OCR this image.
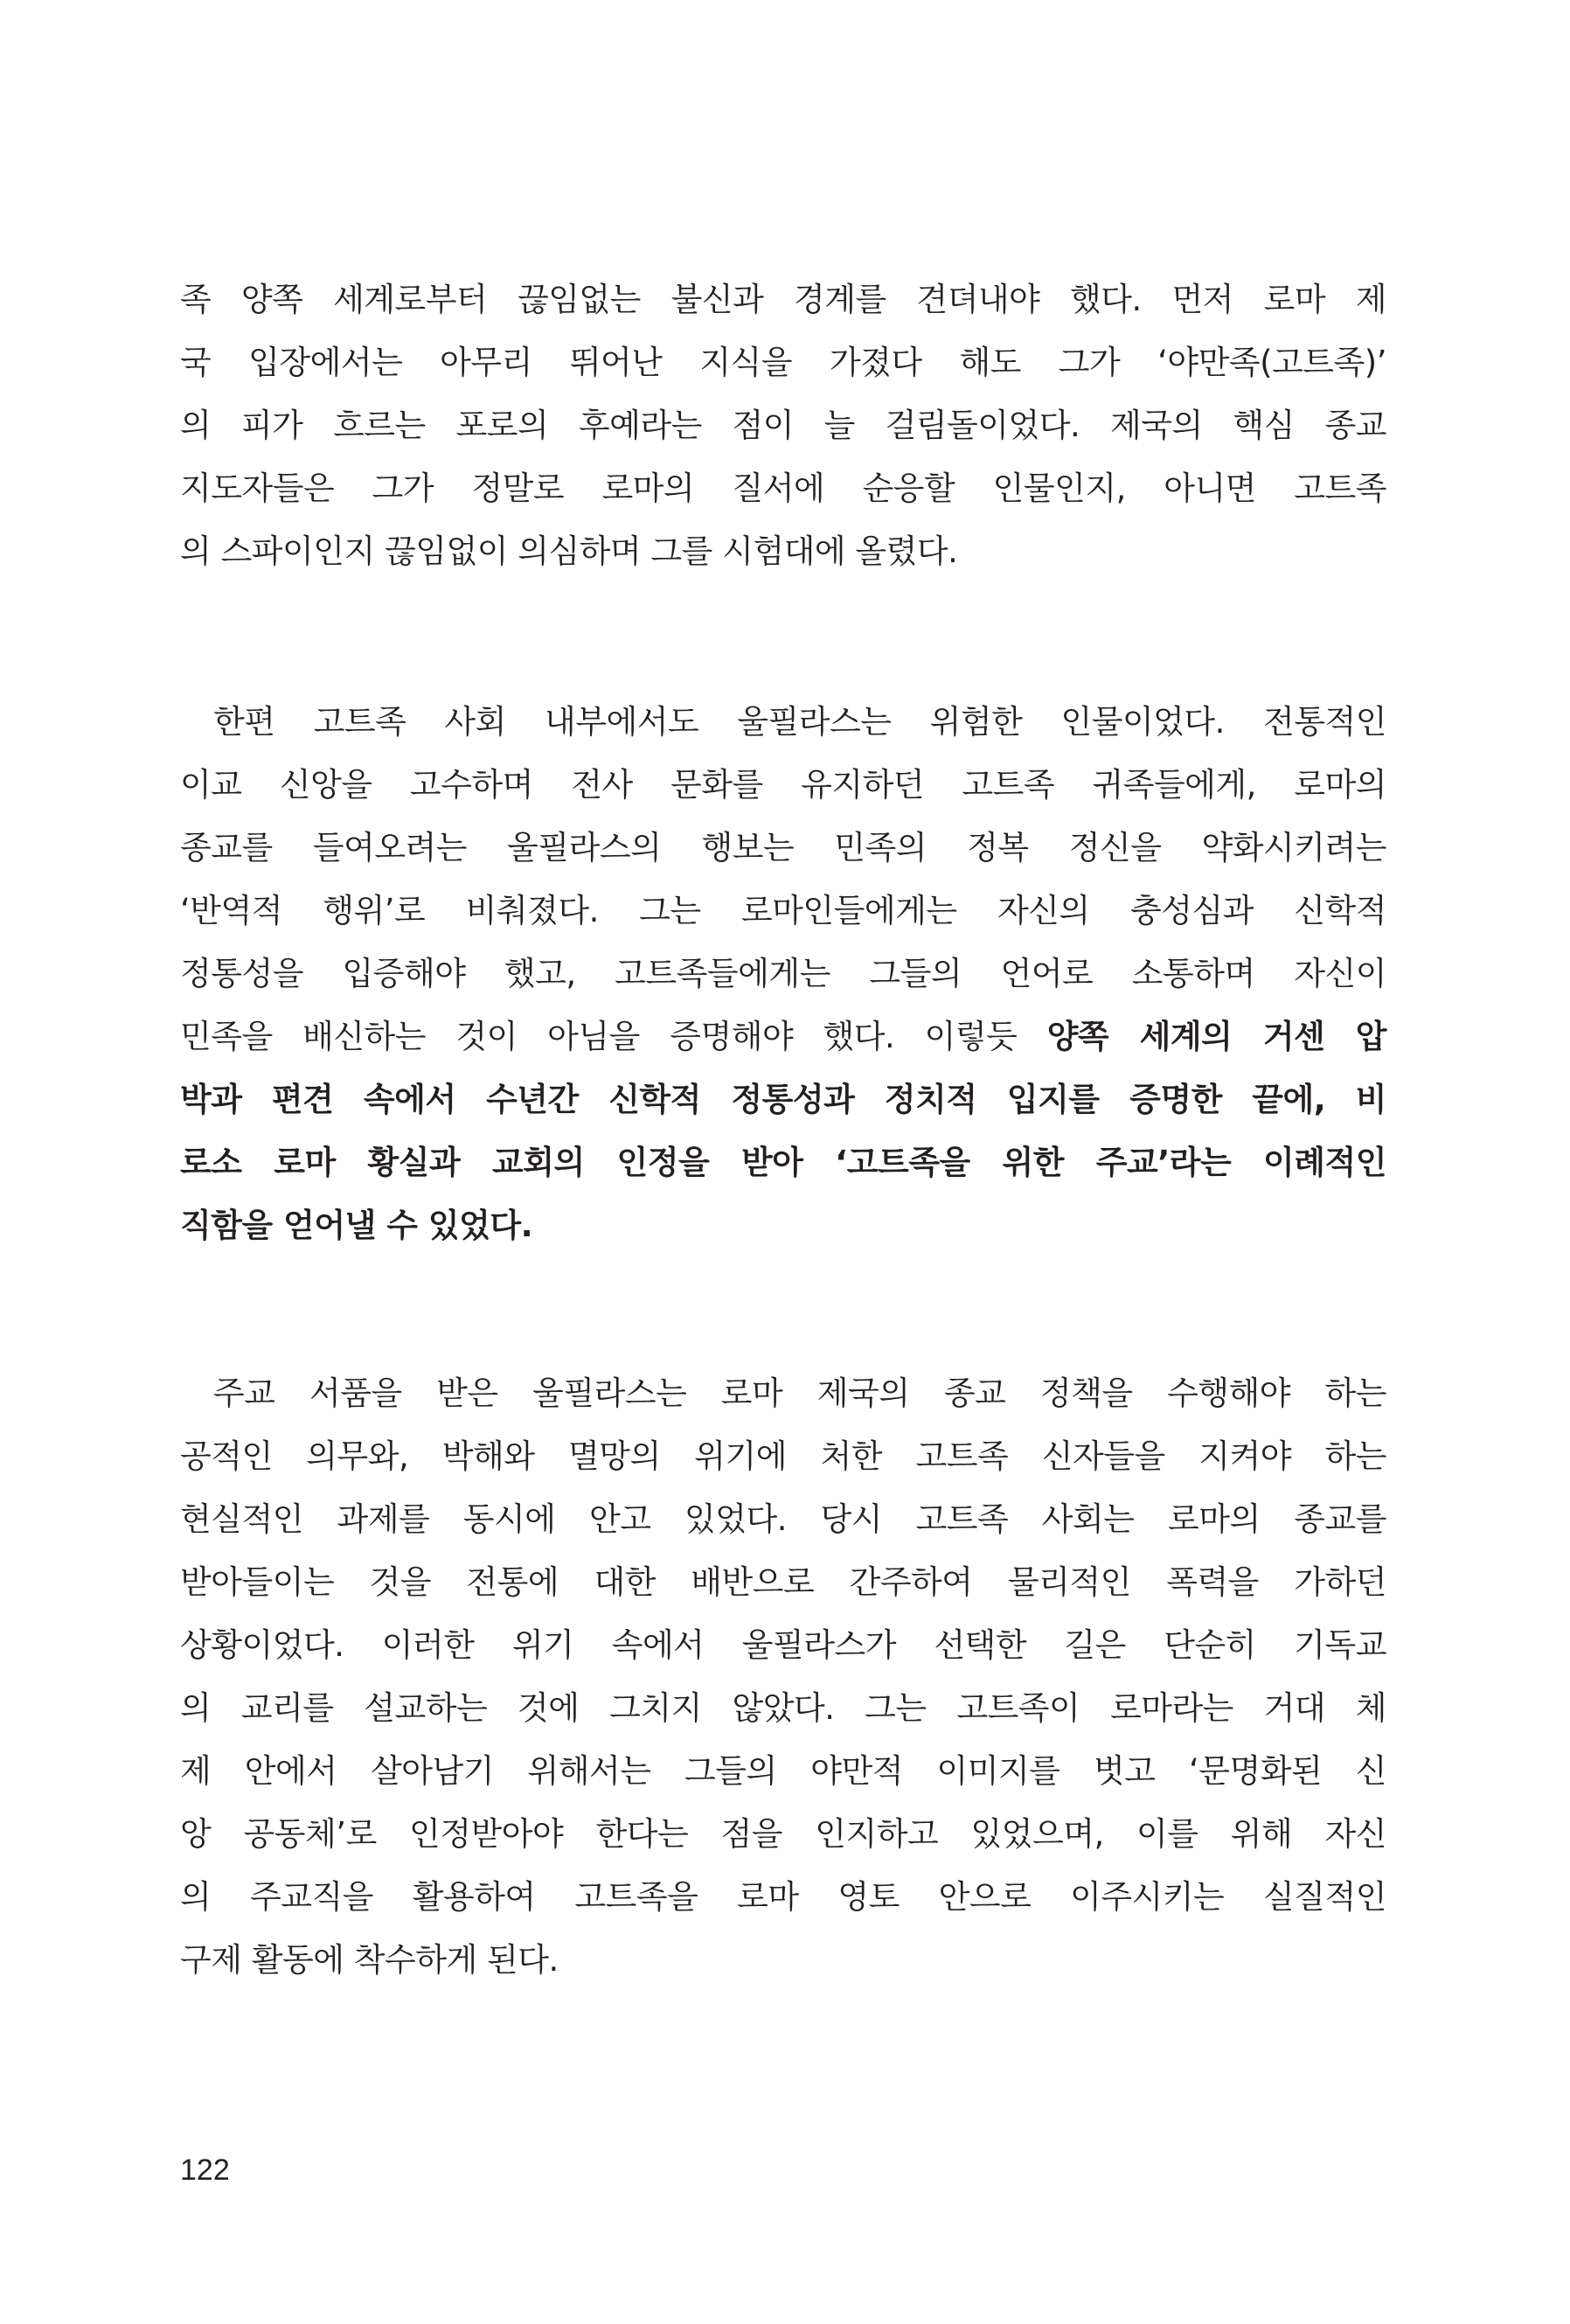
족 양쪽 세계로부터 끊임없는 불신과 경계를 견뎌내야 했다. 먼저 로마 제
국 입장에서는 아무리 뛰어난 지식을 가졌다 해도 그가 ‘야만족(고트족)’
의 피가 흐르는 포로의 후예라는 점이 늘 걸림돌이었다. 제국의 핵심 종교
지도자들은 그가 정말로 로마의 질서에 순응할 인물인지, 아니면 고트족
의 스파이인지 끊임없이 의심하며 그를 시험대에 올렸다.
한편 고트족 사회 내부에서도 울필라스는 위험한 인물이었다. 전통적인
이교 신앙을 고수하며 전사 문화를 유지하던 고트족 귀족들에게, 로마의
종교를 들여오려는 울필라스의 행보는 민족의 정복 정신을 약화시키려는
‘반역적 행위’로 비춰졌다. 그는 로마인들에게는 자신의 충성심과 신학적
정통성을 입증해야 했고, 고트족들에게는 그들의 언어로 소통하며 자신이
민족을 배신하는 것이 아님을 증명해야 했다. 이렇듯 양쪽 세계의 거센 압
박과 편견 속에서 수년간 신학적 정통성과 정치적 입지를 증명한 끝에, 비
로소 로마 황실과 교회의 인정을 받아 ‘고트족을 위한 주교’라는 이례적인
직함을 얻어낼 수 있었다.
주교 서품을 받은 울필라스는 로마 제국의 종교 정책을 수행해야 하는
공적인 의무와, 박해와 멸망의 위기에 처한 고트족 신자들을 지켜야 하는
현실적인 과제를 동시에 안고 있었다. 당시 고트족 사회는 로마의 종교를
받아들이는 것을 전통에 대한 배반으로 간주하여 물리적인 폭력을 가하던
상황이었다. 이러한 위기 속에서 울필라스가 선택한 길은 단순히 기독교
의 교리를 설교하는 것에 그치지 않았다. 그는 고트족이 로마라는 거대 체
제 안에서 살아남기 위해서는 그들의 야만적 이미지를 벗고 ‘문명화된 신
앙 공동체’로 인정받아야 한다는 점을 인지하고 있었으며, 이를 위해 자신
의 주교직을 활용하여 고트족을 로마 영토 안으로 이주시키는 실질적인
구제 활동에 착수하게 된다.
122
